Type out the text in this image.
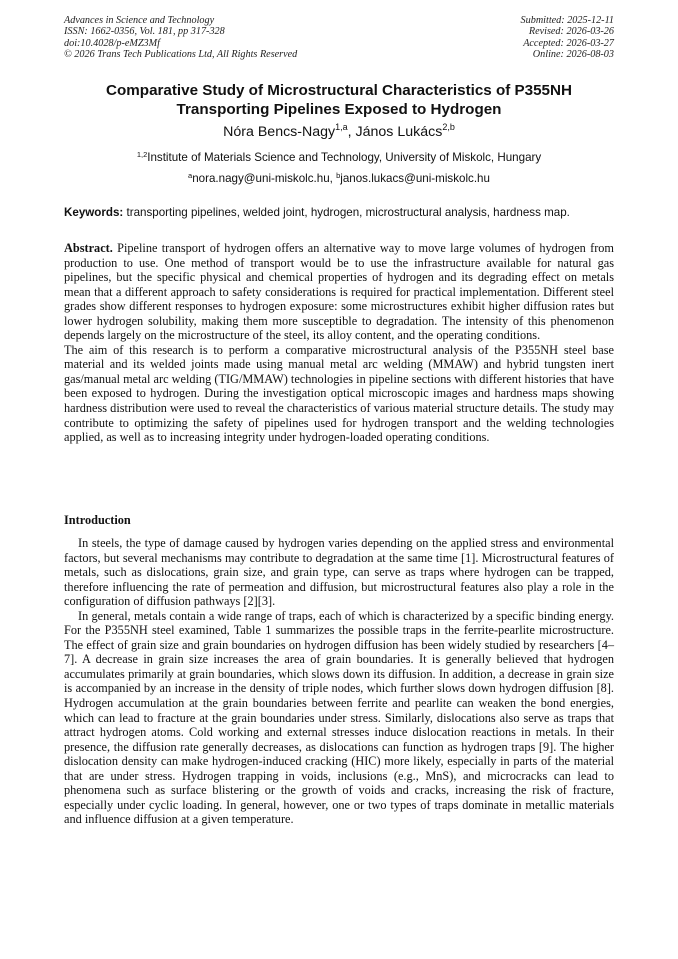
Advances in Science and Technology
ISSN: 1662-0356, Vol. 181, pp 317-328
doi:10.4028/p-eMZ3Mf
© 2026 Trans Tech Publications Ltd, All Rights Reserved
Submitted: 2025-12-11
Revised: 2026-03-26
Accepted: 2026-03-27
Online: 2026-08-03
Comparative Study of Microstructural Characteristics of P355NH
Transporting Pipelines Exposed to Hydrogen
Nóra Bencs-Nagy$^{1,a}$, János Lukács$^{2,b}$
$^{1,2}$Institute of Materials Science and Technology, University of Miskolc, Hungary
$^a$nora.nagy@uni-miskolc.hu, $^b$janos.lukacs@uni-miskolc.hu
Keywords: transporting pipelines, welded joint, hydrogen, microstructural analysis, hardness map.

Abstract. Pipeline transport of hydrogen offers an alternative way to move large volumes of hydrogen from production to use. One method of transport would be to use the infrastructure available for natural gas pipelines, but the specific physical and chemical properties of hydrogen and its degrading effect on metals mean that a different approach to safety considerations is required for practical implementation. Different steel grades show different responses to hydrogen exposure: some microstructures exhibit higher diffusion rates but lower hydrogen solubility, making them more susceptible to degradation. The intensity of this phenomenon depends largely on the microstructure of the steel, its alloy content, and the operating conditions.

The aim of this research is to perform a comparative microstructural analysis of the P355NH steel base material and its welded joints made using manual metal arc welding (MMAW) and hybrid tungsten inert gas/manual metal arc welding (TIG/MMAW) technologies in pipeline sections with different histories that have been exposed to hydrogen. During the investigation optical microscopic images and hardness maps showing hardness distribution were used to reveal the characteristics of various material structure details. The study may contribute to optimizing the safety of pipelines used for hydrogen transport and the welding technologies applied, as well as to increasing integrity under hydrogen-loaded operating conditions.

Introduction

In steels, the type of damage caused by hydrogen varies depending on the applied stress and environmental factors, but several mechanisms may contribute to degradation at the same time [1]. Microstructural features of metals, such as dislocations, grain size, and grain type, can serve as traps where hydrogen can be trapped, therefore influencing the rate of permeation and diffusion, but microstructural features also play a role in the configuration of diffusion pathways [2][3].

In general, metals contain a wide range of traps, each of which is characterized by a specific binding energy. For the P355NH steel examined, Table 1 summarizes the possible traps in the ferrite-pearlite microstructure. The effect of grain size and grain boundaries on hydrogen diffusion has been widely studied by researchers [4–7]. A decrease in grain size increases the area of grain boundaries. It is generally believed that hydrogen accumulates primarily at grain boundaries, which slows down its diffusion. In addition, a decrease in grain size is accompanied by an increase in the density of triple nodes, which further slows down hydrogen diffusion [8]. Hydrogen accumulation at the grain boundaries between ferrite and pearlite can weaken the bond energies, which can lead to fracture at the grain boundaries under stress. Similarly, dislocations also serve as traps that attract hydrogen atoms. Cold working and external stresses induce dislocation reactions in metals. In their presence, the diffusion rate generally decreases, as dislocations can function as hydrogen traps [9]. The higher dislocation density can make hydrogen-induced cracking (HIC) more likely, especially in parts of the material that are under stress. Hydrogen trapping in voids, inclusions (e.g., MnS), and microcracks can lead to phenomena such as surface blistering or the growth of voids and cracks, increasing the risk of fracture, especially under cyclic loading. In general, however, one or two types of traps dominate in metallic materials and influence diffusion at a given temperature.
